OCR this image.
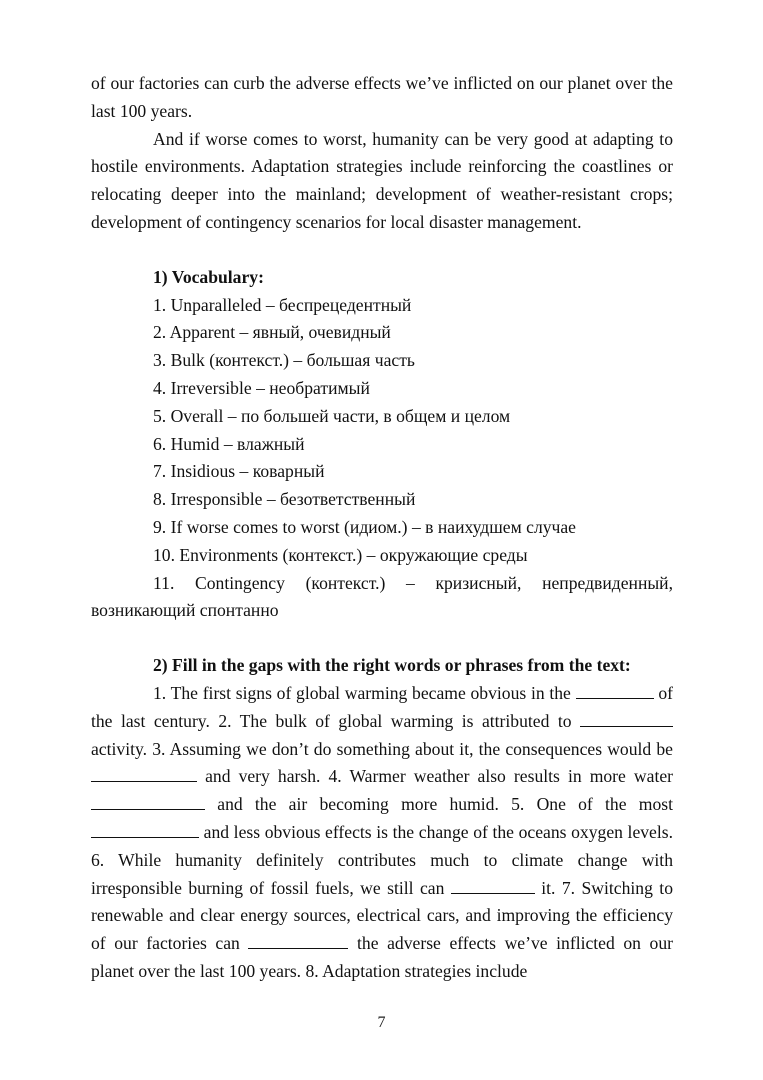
of our factories can curb the adverse effects we’ve inflicted on our planet over the last 100 years.

And if worse comes to worst, humanity can be very good at adapting to hostile environments. Adaptation strategies include reinforcing the coastlines or relocating deeper into the mainland; development of weather-resistant crops; development of contingency scenarios for local disaster management.

1) Vocabulary:

1. Unparalleled – беспрецедентный

2. Apparent – явный, очевидный

3. Bulk (контекст.) – большая часть

4. Irreversible – необратимый

5. Overall – по большей части, в общем и целом

6. Humid – влажный

7. Insidious – коварный

8. Irresponsible – безответственный

9. If worse comes to worst (идиом.) – в наихудшем случае

10. Environments (контекст.) – окружающие среды

11. Contingency (контекст.) – кризисный, непредвиденный, возникающий спонтанно

2) Fill in the gaps with the right words or phrases from the text:

1. The first signs of global warming became obvious in the	of the last century. 2. The bulk of global warming is attributed to  activity. 3. Assuming we don’t do something about it, the consequences would be  and very harsh. 4. Warmer weather also results in more water  and the air becoming more humid. 5. One of the most  and less obvious effects is the change of the oceans oxygen levels. 6. While humanity definitely contributes much to climate change with irresponsible burning of fossil fuels, we still can	it. 7. Switching to renewable and clear energy sources, electrical cars, and improving the efficiency of our factories can	the adverse effects we’ve inflicted on our planet over the last 100 years. 8. Adaptation strategies include

7
